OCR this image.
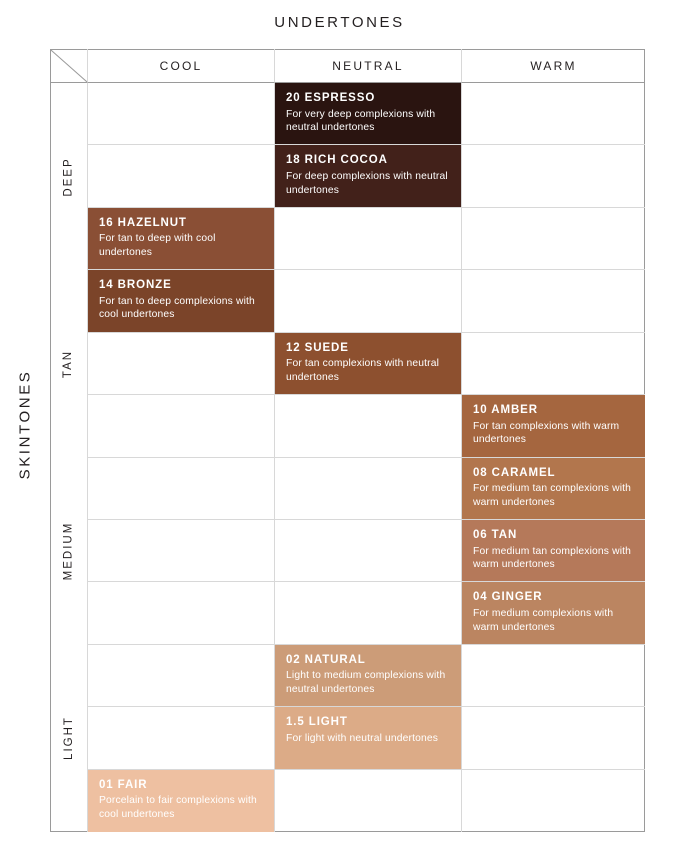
UNDERTONES
SKINTONES
COOL	NEUTRAL	WARM
DEEP
20 ESPRESSO
For very deep complexions with neutral undertones
18 RICH COCOA
For deep complexions with neutral undertones
16 HAZELNUT
For tan to deep with cool undertones
TAN
14 BRONZE
For tan to deep complexions with cool undertones
12 SUEDE
For tan complexions with neutral undertones
10 AMBER
For tan complexions with warm undertones
MEDIUM
08 CARAMEL
For medium tan complexions with warm undertones
06 TAN
For medium tan complexions with warm undertones
04 GINGER
For medium complexions with warm undertones
LIGHT
02 NATURAL
Light to medium complexions with neutral undertones
1.5 LIGHT
For light with neutral undertones
01 FAIR
Porcelain to fair complexions with cool undertones
